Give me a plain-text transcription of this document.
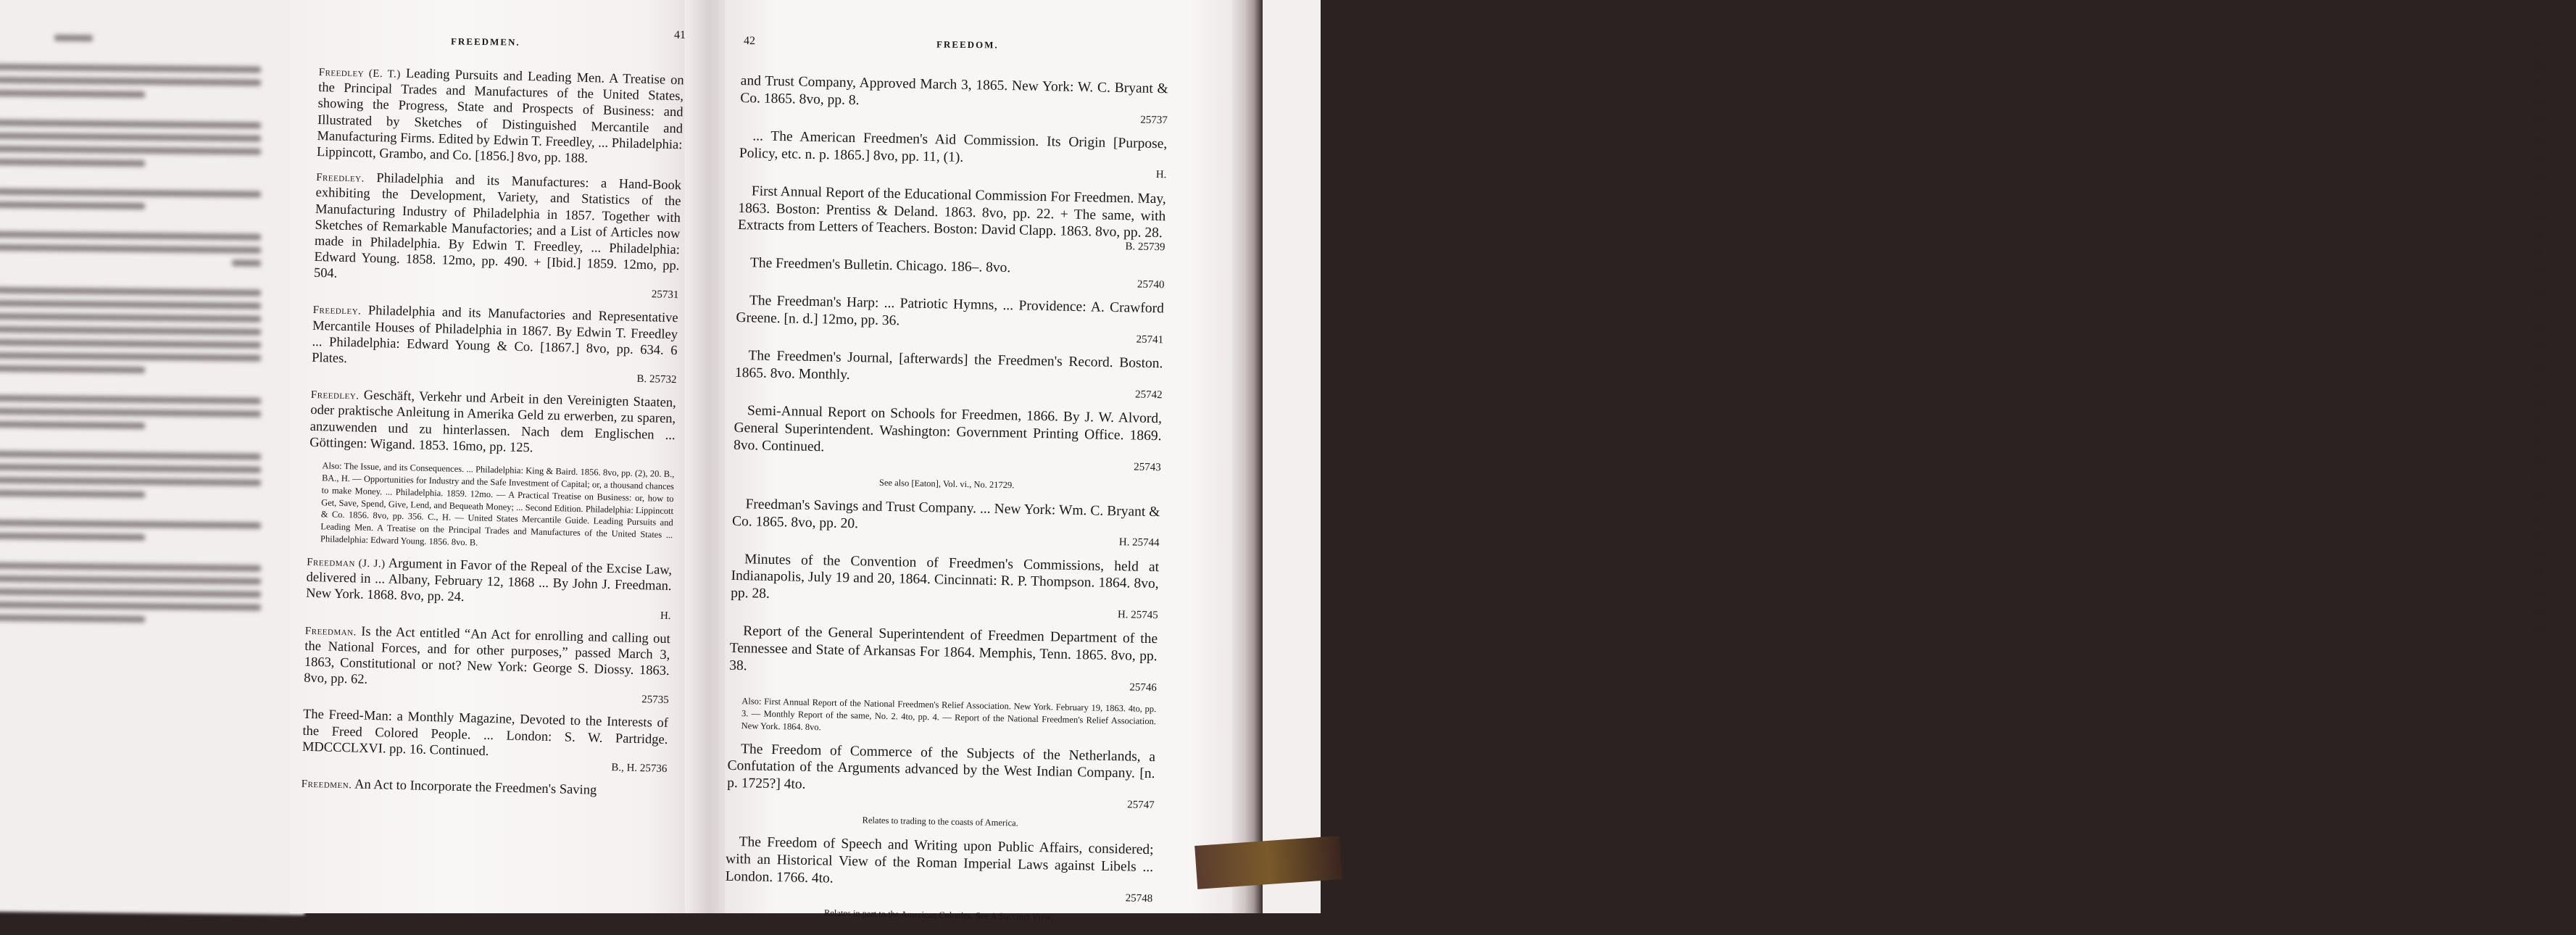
an
Sol
T
fin
fro
wh
me
cm
in
Mr.
16
of
Oa
Am
I
Us
**
Par
S
Sta
Or
C
Sta
I
Ch
S.
T
tor
W
Pri
for
Ma
FREEDMEN.
41	42	FREEDOM.
Freedley (E. T.) Leading Pursuits and Leading Men. A Treatise on the Principal Trades and Manufactures of the United States, showing the Progress, State and Prospects of Business: and Illustrated by Sketches of Distinguished Mercantile and Manufacturing Firms. Edited by Edwin T. Freedley, ... Philadelphia: Lippincott, Grambo, and Co. [1856.] 8vo, pp. 188.
Freedley. Philadelphia and its Manufactures: a Hand-Book exhibiting the Development, Variety, and Statistics of the Manufacturing Industry of Philadelphia in 1857. Together with Sketches of Remarkable Manufactories; and a List of Articles now made in Philadelphia. By Edwin T. Freedley, ... Philadelphia: Edward Young. 1858. 12mo, pp. 490. + [Ibid.] 1859. 12mo, pp. 504.
25731
Freedley. Philadelphia and its Manufactories and Representative Mercantile Houses of Philadelphia in 1867. By Edwin T. Freedley ... Philadelphia: Edward Young & Co. [1867.] 8vo, pp. 634. 6 Plates.
B. 25732
Freedley. Geschäft, Verkehr und Arbeit in den Vereinigten Staaten, oder praktische Anleitung in Amerika Geld zu erwerben, zu sparen, anzuwenden und zu hinterlassen. Nach dem Englischen ... Göttingen: Wigand. 1853. 16mo, pp. 125.
Also: The Issue, and its Consequences. ... Philadelphia: King & Baird. 1856. 8vo, pp. (2), 20. B., BA., H. — Opportunities for Industry and the Safe Investment of Capital; or, a thousand chances to make Money. ... Philadelphia. 1859. 12mo. — A Practical Treatise on Business: or, how to Get, Save, Spend, Give, Lend, and Bequeath Money; ... Second Edition. Philadelphia: Lippincott & Co. 1856. 8vo, pp. 356. C., H. — United States Mercantile Guide. Leading Pursuits and Leading Men. A Treatise on the Principal Trades and Manufactures of the United States ... Philadelphia: Edward Young. 1856. 8vo. B.
Freedman (J. J.) Argument in Favor of the Repeal of the Excise Law, delivered in ... Albany, February 12, 1868 ... By John J. Freedman. New York. 1868. 8vo, pp. 24.
H.
Freedman. Is the Act entitled “An Act for enrolling and calling out the National Forces, and for other purposes,” passed March 3, 1863, Constitutional or not? New York: George S. Diossy. 1863. 8vo, pp. 62.
25735
The Freed-Man: a Monthly Magazine, Devoted to the Interests of the Freed Colored People. ... London: S. W. Partridge. MDCCCLXVI. pp. 16. Continued.
B., H. 25736
Freedmen. An Act to Incorporate the Freedmen's Saving
and Trust Company, Approved March 3, 1865. New York: W. C. Bryant & Co. 1865. 8vo, pp. 8.
25737
... The American Freedmen's Aid Commission. Its Origin [Purpose, Policy, etc. n. p. 1865.] 8vo, pp. 11, (1).
H.
First Annual Report of the Educational Commission For Freedmen. May, 1863. Boston: Prentiss & Deland. 1863. 8vo, pp. 22. + The same, with Extracts from Letters of Teachers. Boston: David Clapp. 1863. 8vo, pp. 28.
B. 25739
The Freedmen's Bulletin. Chicago. 186–. 8vo.
25740
The Freedman's Harp: ... Patriotic Hymns, ... Providence: A. Crawford Greene. [n. d.] 12mo, pp. 36.
25741
The Freedmen's Journal, [afterwards] the Freedmen's Record. Boston. 1865. 8vo. Monthly.
25742
Semi-Annual Report on Schools for Freedmen, 1866. By J. W. Alvord, General Superintendent. Washington: Government Printing Office. 1869. 8vo. Continued.
25743
See also [Eaton], Vol. vi., No. 21729.
Freedman's Savings and Trust Company. ... New York: Wm. C. Bryant & Co. 1865. 8vo, pp. 20.
H. 25744
Minutes of the Convention of Freedmen's Commissions, held at Indianapolis, July 19 and 20, 1864. Cincinnati: R. P. Thompson. 1864. 8vo, pp. 28.
H. 25745
Report of the General Superintendent of Freedmen Department of the Tennessee and State of Arkansas For 1864. Memphis, Tenn. 1865. 8vo, pp. 38.
25746
Also: First Annual Report of the National Freedmen's Relief Association. New York. February 19, 1863. 4to, pp. 3. — Monthly Report of the same, No. 2. 4to, pp. 4. — Report of the National Freedmen's Relief Association. New York. 1864. 8vo.
The Freedom of Commerce of the Subjects of the Netherlands, a Confutation of the Arguments advanced by the West Indian Company. [n. p. 1725?] 4to.
25747
Relates to trading to the coasts of America.
The Freedom of Speech and Writing upon Public Affairs, considered; with an Historical View of the Roman Imperial Laws against Libels ... London. 1766. 4to.
25748
Relates in part to the American Colonies. See A Succinct View.
